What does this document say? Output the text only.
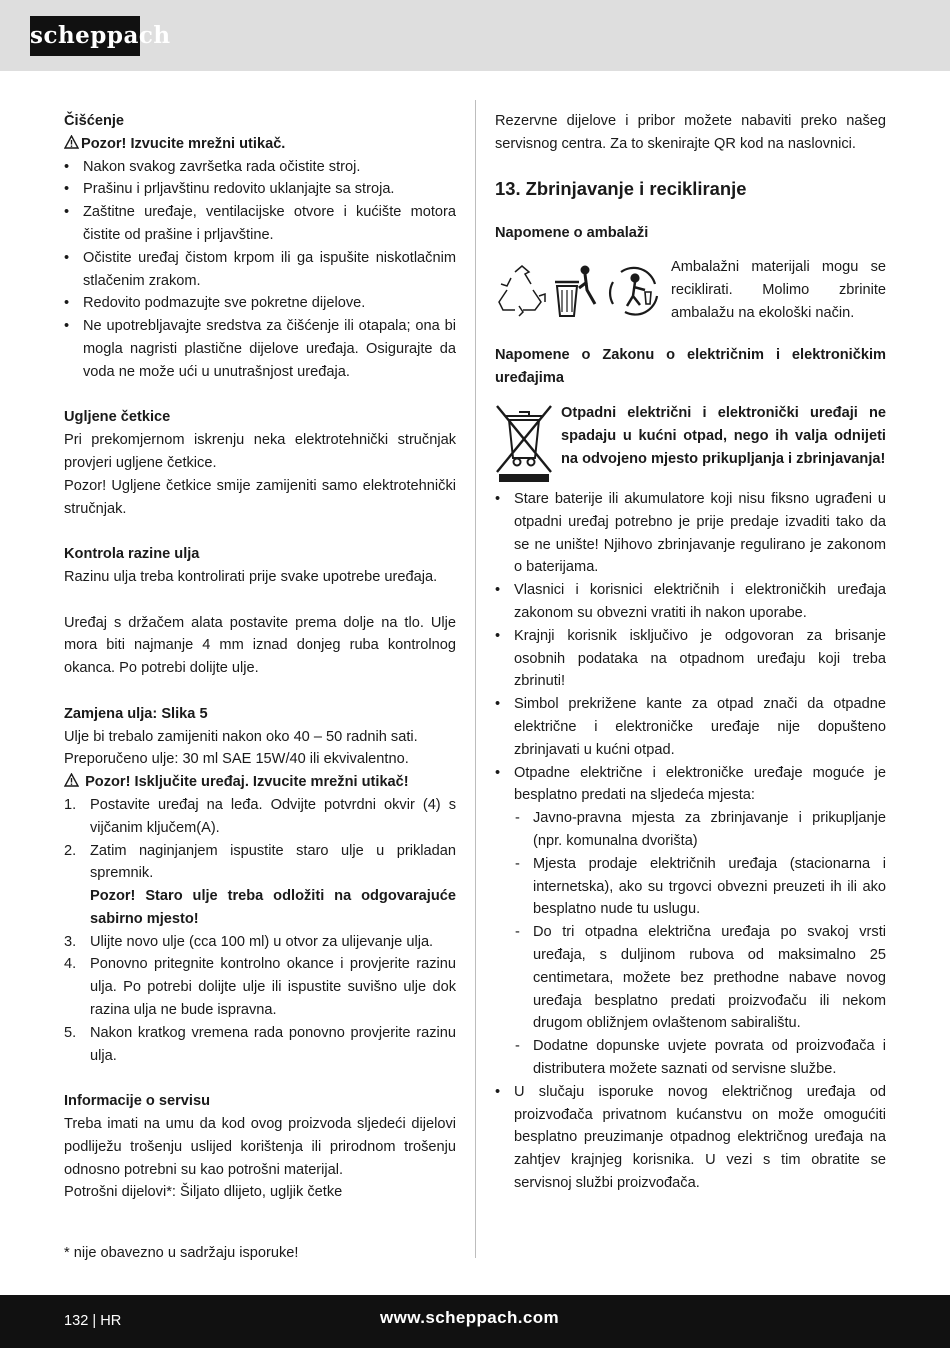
scheppach

Čišćenje

Pozor! Izvucite mrežni utikač.

• Nakon svakog završetka rada očistite stroj.
• Prašinu i prljavštinu redovito uklanjajte sa stroja.
• Zaštitne uređaje, ventilacijske otvore i kućište motora čistite od prašine i prljavštine.
• Očistite uređaj čistom krpom ili ga ispušite niskotlačnim stlačenim zrakom.
• Redovito podmazujte sve pokretne dijelove.
• Ne upotrebljavajte sredstva za čišćenje ili otapala; ona bi mogla nagristi plastične dijelove uređaja. Osigurajte da voda ne može ući u unutrašnjost uređaja.

Ugljene četkice

Pri prekomjernom iskrenju neka elektrotehnički stručnjak provjeri ugljene četkice.

Pozor! Ugljene četkice smije zamijeniti samo elektrotehnički stručnjak.

Kontrola razine ulja

Razinu ulja treba kontrolirati prije svake upotrebe uređaja.

Uređaj s držačem alata postavite prema dolje na tlo. Ulje mora biti najmanje 4 mm iznad donjeg ruba kontrolnog okanca. Po potrebi dolijte ulje.

Zamjena ulja: Slika 5

Ulje bi trebalo zamijeniti nakon oko 40 – 50 radnih sati.

Preporučeno ulje: 30 ml SAE 15W/40 ili ekvivalentno.

Pozor! Isključite uređaj. Izvucite mrežni utikač!

1. Postavite uređaj na leđa. Odvijte potvrdni okvir (4) s vijčanim ključem(A).
2. Zatim naginjanjem ispustite staro ulje u prikladan spremnik.
Pozor! Staro ulje treba odložiti na odgovarajuće sabirno mjesto!
3. Ulijte novo ulje (cca 100 ml) u otvor za ulijevanje ulja.
4. Ponovno pritegnite kontrolno okance i provjerite razinu ulja. Po potrebi dolijte ulje ili ispustite suvišno ulje dok razina ulja ne bude ispravna.
5. Nakon kratkog vremena rada ponovno provjerite razinu ulja.

Informacije o servisu

Treba imati na umu da kod ovog proizvoda sljedeći dijelovi podliježu trošenju uslijed korištenja ili prirodnom trošenju odnosno potrebni su kao potrošni materijal.

Potrošni dijelovi*: Šiljato dlijeto, ugljik četke

* nije obavezno u sadržaju isporuke!

Rezervne dijelove i pribor možete nabaviti preko našeg servisnog centra. Za to skenirajte QR kod na naslovnici.

13. Zbrinjavanje i recikliranje

Napomene o ambalaži

Ambalažni materijali mogu se reciklirati. Molimo zbrinite ambalažu na ekološki način.

Napomene o Zakonu o električnim i elektroničkim uređajima

Otpadni električni i elektronički uređaji ne spadaju u kućni otpad, nego ih valja odnijeti na odvojeno mjesto prikupljanja i zbrinjavanja!

• Stare baterije ili akumulatore koji nisu fiksno ugrađeni u otpadni uređaj potrebno je prije predaje izvaditi tako da se ne unište! Njihovo zbrinjavanje regulirano je zakonom o baterijama.
• Vlasnici i korisnici električnih i elektroničkih uređaja zakonom su obvezni vratiti ih nakon uporabe.
• Krajnji korisnik isključivo je odgovoran za brisanje osobnih podataka na otpadnom uređaju koji treba zbrinuti!
• Simbol prekrižene kante za otpad znači da otpadne električne i elektroničke uređaje nije dopušteno zbrinjavati u kućni otpad.
• Otpadne električne i elektroničke uređaje moguće je besplatno predati na sljedeća mjesta:
- Javno-pravna mjesta za zbrinjavanje i prikupljanje (npr. komunalna dvorišta)
- Mjesta prodaje električnih uređaja (stacionarna i internetska), ako su trgovci obvezni preuzeti ih ili ako besplatno nude tu uslugu.
- Do tri otpadna električna uređaja po svakoj vrsti uređaja, s duljinom rubova od maksimalno 25 centimetara, možete bez prethodne nabave novog uređaja besplatno predati proizvođaču ili nekom drugom obližnjem ovlaštenom sabiralištu.
- Dodatne dopunske uvjete povrata od proizvođača i distributera možete saznati od servisne službe.
• U slučaju isporuke novog električnog uređaja od proizvođača privatnom kućanstvu on može omogućiti besplatno preuzimanje otpadnog električnog uređaja na zahtjev krajnjeg korisnika. U vezi s tim obratite se servisnoj službi proizvođača.
132 | HR	www.scheppach.com
